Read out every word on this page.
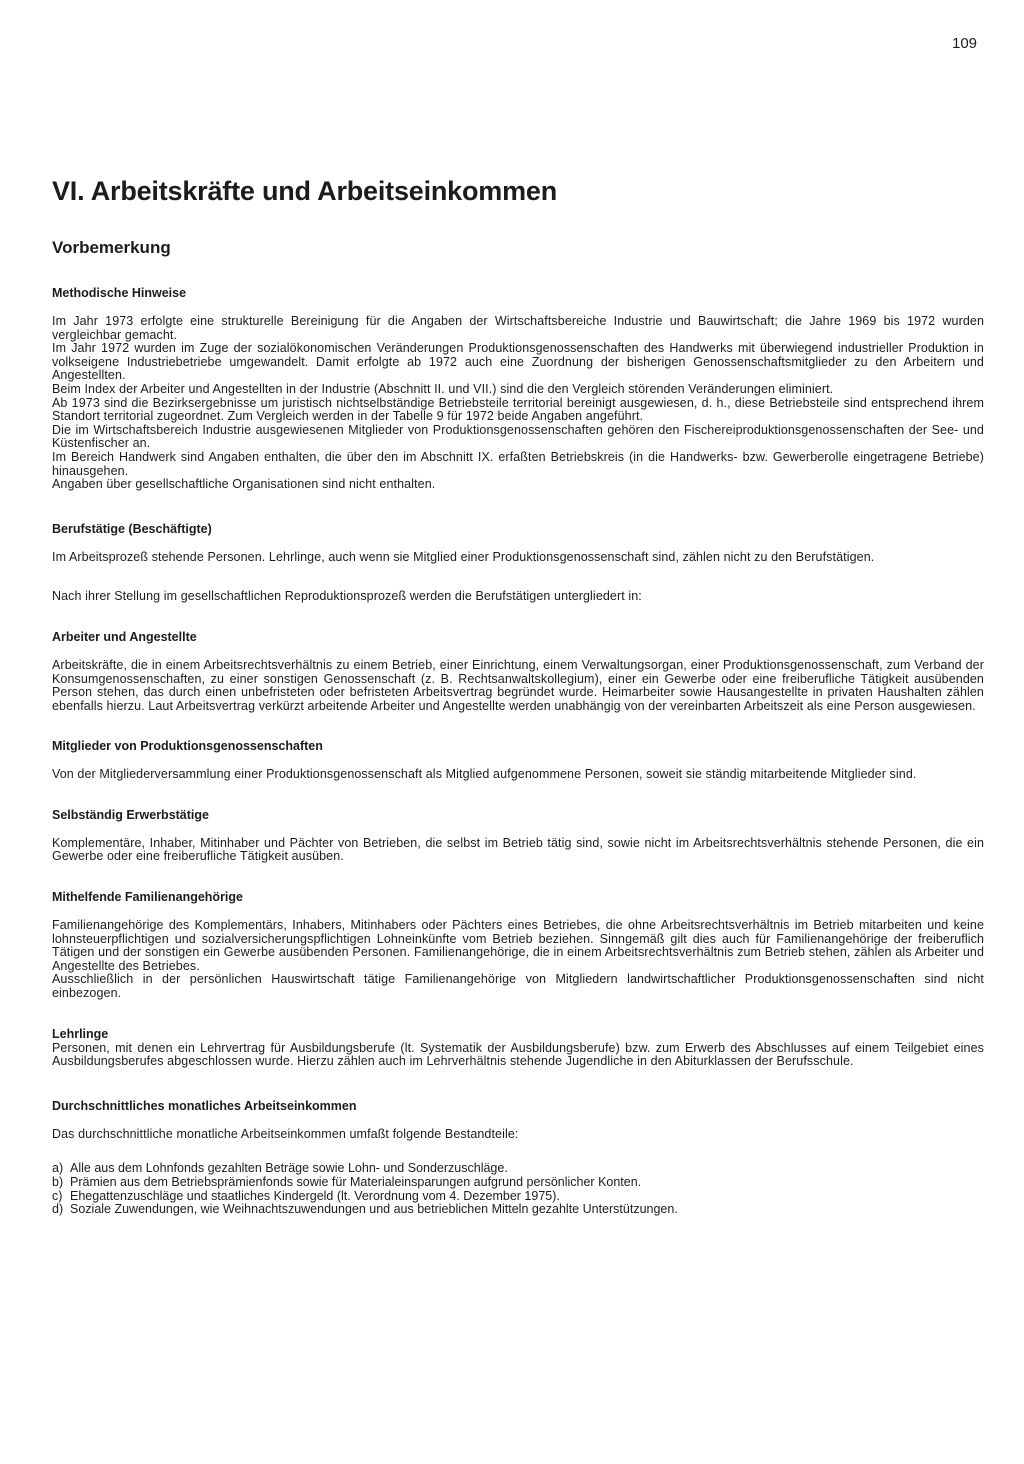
109

VI. Arbeitskräfte und Arbeitseinkommen
Vorbemerkung
Methodische Hinweise

Im Jahr 1973 erfolgte eine strukturelle Bereinigung für die Angaben der Wirtschaftsbereiche Industrie und Bauwirtschaft; die Jahre 1969 bis 1972 wurden vergleichbar gemacht.

Im Jahr 1972 wurden im Zuge der sozialökonomischen Veränderungen Produktionsgenossenschaften des Handwerks mit überwiegend industrieller Produktion in volkseigene Industriebetriebe umgewandelt. Damit erfolgte ab 1972 auch eine Zuordnung der bisherigen Genossenschaftsmitglieder zu den Arbeitern und Angestellten.

Beim Index der Arbeiter und Angestellten in der Industrie (Abschnitt II. und VII.) sind die den Vergleich störenden Veränderungen eliminiert.

Ab 1973 sind die Bezirksergebnisse um juristisch nichtselbständige Betriebsteile territorial bereinigt ausgewiesen, d. h., diese Betriebsteile sind entsprechend ihrem Standort territorial zugeordnet. Zum Vergleich werden in der Tabelle 9 für 1972 beide Angaben angeführt.

Die im Wirtschaftsbereich Industrie ausgewiesenen Mitglieder von Produktionsgenossenschaften gehören den Fischereiproduktionsgenossenschaften der See- und Küstenfischer an.

Im Bereich Handwerk sind Angaben enthalten, die über den im Abschnitt IX. erfaßten Betriebskreis (in die Handwerks- bzw. Gewerberolle eingetragene Betriebe) hinausgehen.

Angaben über gesellschaftliche Organisationen sind nicht enthalten.

Berufstätige (Beschäftigte)

Im Arbeitsprozeß stehende Personen. Lehrlinge, auch wenn sie Mitglied einer Produktionsgenossenschaft sind, zählen nicht zu den Berufstätigen.

Nach ihrer Stellung im gesellschaftlichen Reproduktionsprozeß werden die Berufstätigen untergliedert in:

Arbeiter und Angestellte

Arbeitskräfte, die in einem Arbeitsrechtsverhältnis zu einem Betrieb, einer Einrichtung, einem Verwaltungsorgan, einer Produktionsgenossenschaft, zum Verband der Konsumgenossenschaften, zu einer sonstigen Genossenschaft (z. B. Rechtsanwaltskollegium), einer ein Gewerbe oder eine freiberufliche Tätigkeit ausübenden Person stehen, das durch einen unbefristeten oder befristeten Arbeitsvertrag begründet wurde. Heimarbeiter sowie Hausangestellte in privaten Haushalten zählen ebenfalls hierzu. Laut Arbeitsvertrag verkürzt arbeitende Arbeiter und Angestellte werden unabhängig von der vereinbarten Arbeitszeit als eine Person ausgewiesen.

Mitglieder von Produktionsgenossenschaften

Von der Mitgliederversammlung einer Produktionsgenossenschaft als Mitglied aufgenommene Personen, soweit sie ständig mitarbeitende Mitglieder sind.

Selbständig Erwerbstätige

Komplementäre, Inhaber, Mitinhaber und Pächter von Betrieben, die selbst im Betrieb tätig sind, sowie nicht im Arbeitsrechtsverhältnis stehende Personen, die ein Gewerbe oder eine freiberufliche Tätigkeit ausüben.

Mithelfende Familienangehörige

Familienangehörige des Komplementärs, Inhabers, Mitinhabers oder Pächters eines Betriebes, die ohne Arbeitsrechtsverhältnis im Betrieb mitarbeiten und keine lohnsteuerpflichtigen und sozialversicherungspflichtigen Lohneinkünfte vom Betrieb beziehen. Sinngemäß gilt dies auch für Familienangehörige der freiberuflich Tätigen und der sonstigen ein Gewerbe ausübenden Personen. Familienangehörige, die in einem Arbeitsrechtsverhältnis zum Betrieb stehen, zählen als Arbeiter und Angestellte des Betriebes.

Ausschließlich in der persönlichen Hauswirtschaft tätige Familienangehörige von Mitgliedern landwirtschaftlicher Produktionsgenossenschaften sind nicht einbezogen.

Lehrlinge

Personen, mit denen ein Lehrvertrag für Ausbildungsberufe (lt. Systematik der Ausbildungsberufe) bzw. zum Erwerb des Abschlusses auf einem Teilgebiet eines Ausbildungsberufes abgeschlossen wurde. Hierzu zählen auch im Lehrverhältnis stehende Jugendliche in den Abiturklassen der Berufsschule.

Durchschnittliches monatliches Arbeitseinkommen

Das durchschnittliche monatliche Arbeitseinkommen umfaßt folgende Bestandteile:

a) Alle aus dem Lohnfonds gezahlten Beträge sowie Lohn- und Sonderzuschläge.
b) Prämien aus dem Betriebsprämienfonds sowie für Materialeinsparungen aufgrund persönlicher Konten.
c) Ehegattenzuschläge und staatliches Kindergeld (lt. Verordnung vom 4. Dezember 1975).
d) Soziale Zuwendungen, wie Weihnachtszuwendungen und aus betrieblichen Mitteln gezahlte Unterstützungen.
